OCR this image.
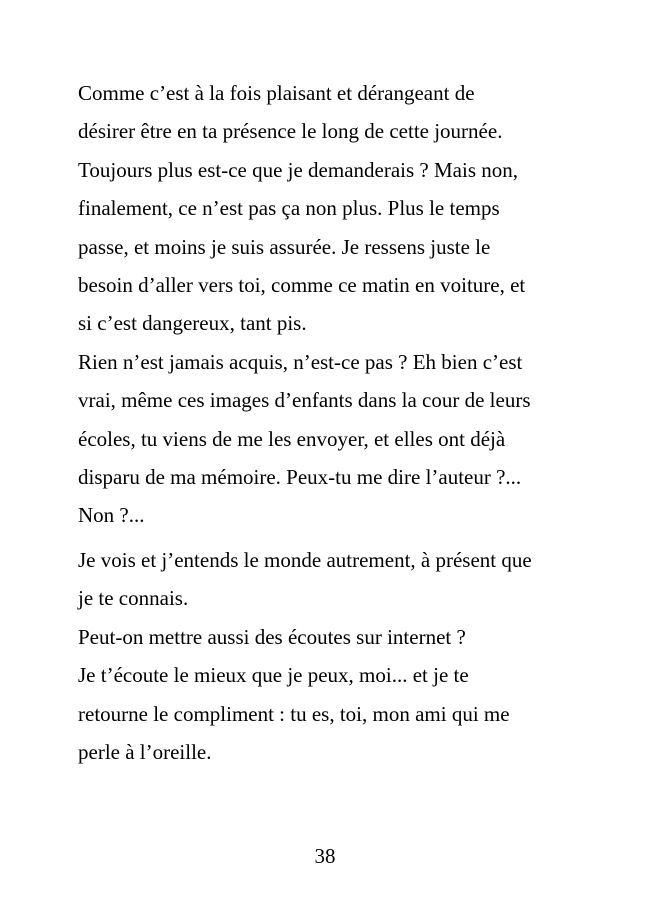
Comme c’est à la fois plaisant et dérangeant de
désirer être en ta présence le long de cette journée.
Toujours plus est-ce que je demanderais ? Mais non,
finalement, ce n’est pas ça non plus. Plus le temps
passe, et moins je suis assurée. Je ressens juste le
besoin d’aller vers toi, comme ce matin en voiture, et
si c’est dangereux, tant pis.
Rien n’est jamais acquis, n’est-ce pas ? Eh bien c’est
vrai, même ces images d’enfants dans la cour de leurs
écoles, tu viens de me les envoyer, et elles ont déjà
disparu de ma mémoire. Peux-tu me dire l’auteur ?...
Non ?...
Je vois et j’entends le monde autrement, à présent que
je te connais.
Peut-on mettre aussi des écoutes sur internet ?
Je t’écoute le mieux que je peux, moi... et je te
retourne le compliment : tu es, toi, mon ami qui me
perle à l’oreille.
38
